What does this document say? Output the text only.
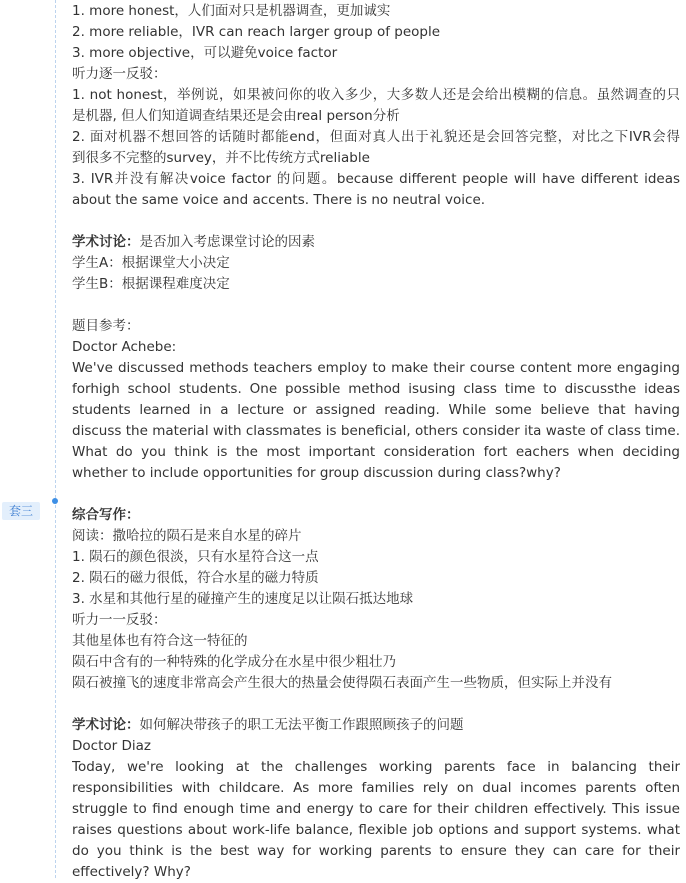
套三
1. more honest，人们面对只是机器调查，更加诚实
2. more reliable，IVR can reach larger group of people
3. more objective，可以避免voice factor
听力逐一反驳：
1. not honest，举例说，如果被问你的收入多少，大多数人还是会给出模糊的信息。虽然调查的只
是机器, 但人们知道调查结果还是会由real person分析
2. 面对机器不想回答的话随时都能end，但面对真人出于礼貌还是会回答完整，对比之下IVR会得
到很多不完整的survey，并不比传统方式reliable
3. IVR并没有解决voice factor 的问题。because different people will have different ideas
about the same voice and accents. There is no neutral voice.
学术讨论：是否加入考虑课堂讨论的因素
学生A：根据课堂大小决定
学生B：根据课程难度决定
题目参考：
Doctor Achebe:
We've discussed methods teachers employ to make their course content more engaging
forhigh school students. One possible method isusing class time to discussthe ideas
students learned in a lecture or assigned reading. While some believe that having
discuss the material with classmates is beneficial, others consider ita waste of class time.
What do you think is the most important consideration fort eachers when deciding
whether to include opportunities for group discussion during class?why?
综合写作：
阅读：撒哈拉的陨石是来自水星的碎片
1. 陨石的颜色很淡，只有水星符合这一点
2. 陨石的磁力很低，符合水星的磁力特质
3. 水星和其他行星的碰撞产生的速度足以让陨石抵达地球
听力一一反驳：
其他星体也有符合这一特征的
陨石中含有的一种特殊的化学成分在水星中很少粗壮乃
陨石被撞飞的速度非常高会产生很大的热量会使得陨石表面产生一些物质，但实际上并没有
学术讨论：如何解决带孩子的职工无法平衡工作跟照顾孩子的问题
Doctor Diaz
Today, we're looking at the challenges working parents face in balancing their
responsibilities with childcare. As more families rely on dual incomes parents often
struggle to find enough time and energy to care for their children effectively. This issue
raises questions about work-life balance, flexible job options and support systems. what
do you think is the best way for working parents to ensure they can care for their
effectively? Why?
